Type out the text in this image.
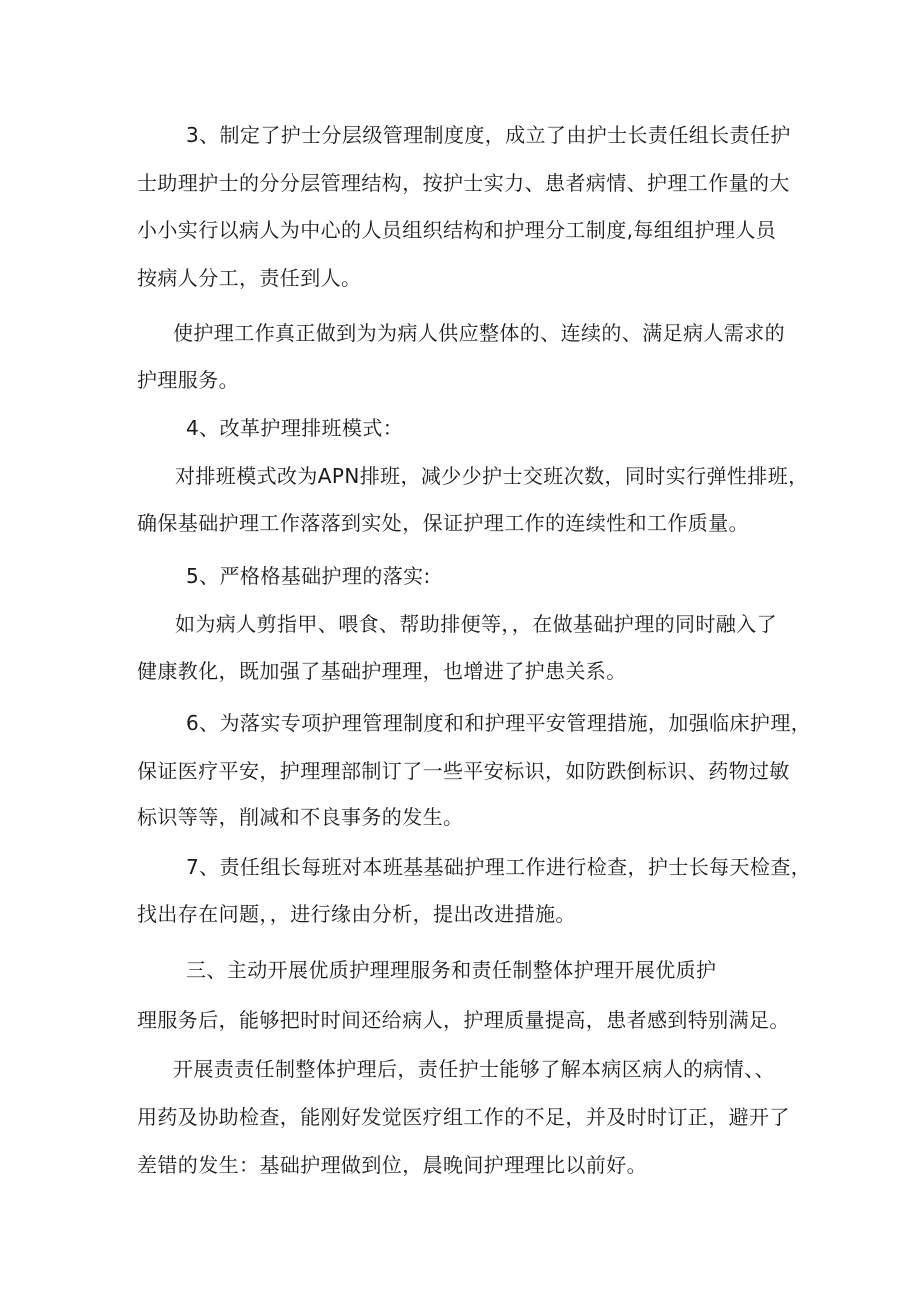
3、制定了护士分层级管理制度度，成立了由护士长责任组长责任护
士助理护士的分分层管理结构，按护士实力、患者病情、护理工作量的大
小小实行以病人为中心的人员组织结构和护理分工制度,每组组护理人员
按病人分工，责任到人。
使护理工作真正做到为为病人供应整体的、连续的、满足病人需求的
护理服务。
4、改革护理排班模式：
对排班模式改为APN排班，减少少护士交班次数，同时实行弹性排班，
确保基础护理工作落落到实处，保证护理工作的连续性和工作质量。
5、严格格基础护理的落实:
如为病人剪指甲、喂食、帮助排便等，，在做基础护理的同时融入了
健康教化，既加强了基础护理理，也增进了护患关系。
6、为落实专项护理管理制度和和护理平安管理措施，加强临床护理，
保证医疗平安，护理理部制订了一些平安标识，如防跌倒标识、药物过敏
标识等等，削减和不良事务的发生。
7、责任组长每班对本班基基础护理工作进行检查，护士长每天检查，
找出存在问题，，进行缘由分析，提出改进措施。
三、主动开展优质护理理服务和责任制整体护理开展优质护
理服务后，能够把时时间还给病人，护理质量提高，患者感到特别满足。
开展责责任制整体护理后，责任护士能够了解本病区病人的病情、、
用药及协助检查，能刚好发觉医疗组工作的不足，并及时时订正，避开了
差错的发生：基础护理做到位，晨晚间护理理比以前好。
